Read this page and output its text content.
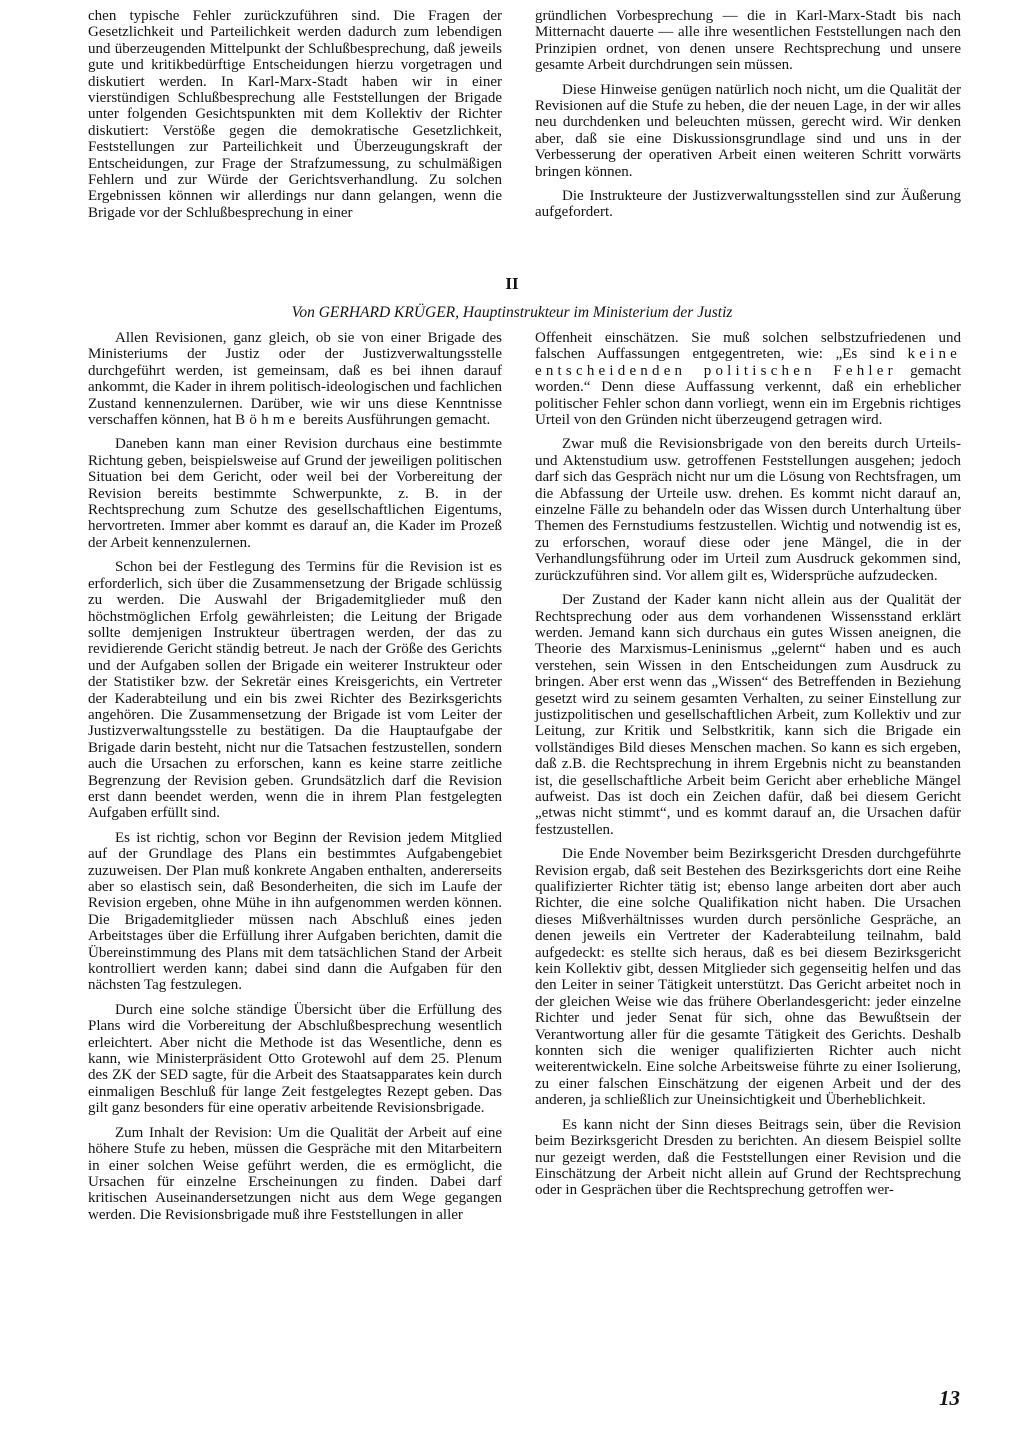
chen typische Fehler zurückzuführen sind. Die Fragen der Gesetzlichkeit und Parteilichkeit werden dadurch zum lebendigen und überzeugenden Mittelpunkt der Schlußbesprechung, daß jeweils gute und kritikbedürftige Entscheidungen hierzu vorgetragen und diskutiert werden. In Karl-Marx-Stadt haben wir in einer vierstündigen Schlußbesprechung alle Feststellungen der Brigade unter folgenden Gesichtspunkten mit dem Kollektiv der Richter diskutiert: Verstöße gegen die demokratische Gesetzlichkeit, Feststellungen zur Parteilichkeit und Überzeugungskraft der Entscheidungen, zur Frage der Strafzumessung, zu schulmäßigen Fehlern und zur Würde der Gerichtsverhandlung. Zu solchen Ergebnissen können wir allerdings nur dann gelangen, wenn die Brigade vor der Schlußbesprechung in einer

gründlichen Vorbesprechung — die in Karl-Marx-Stadt bis nach Mitternacht dauerte — alle ihre wesentlichen Feststellungen nach den Prinzipien ordnet, von denen unsere Rechtsprechung und unsere gesamte Arbeit durchdrungen sein müssen.

Diese Hinweise genügen natürlich noch nicht, um die Qualität der Revisionen auf die Stufe zu heben, die der neuen Lage, in der wir alles neu durchdenken und beleuchten müssen, gerecht wird. Wir denken aber, daß sie eine Diskussionsgrundlage sind und uns in der Verbesserung der operativen Arbeit einen weiteren Schritt vorwärts bringen können.

Die Instrukteure der Justizverwaltungsstellen sind zur Äußerung aufgefordert.

II
Von GERHARD KRÜGER, Hauptinstrukteur im Ministerium der Justiz

Allen Revisionen, ganz gleich, ob sie von einer Brigade des Ministeriums der Justiz oder der Justizverwaltungsstelle durchgeführt werden, ist gemeinsam, daß es bei ihnen darauf ankommt, die Kader in ihrem politisch-ideologischen und fachlichen Zustand kennenzulernen. Darüber, wie wir uns diese Kenntnisse verschaffen können, hat Böhme bereits Ausführungen gemacht.

Daneben kann man einer Revision durchaus eine bestimmte Richtung geben, beispielsweise auf Grund der jeweiligen politischen Situation bei dem Gericht, oder weil bei der Vorbereitung der Revision bereits bestimmte Schwerpunkte, z. B. in der Rechtsprechung zum Schutze des gesellschaftlichen Eigentums, hervortreten. Immer aber kommt es darauf an, die Kader im Prozeß der Arbeit kennenzulernen.

Schon bei der Festlegung des Termins für die Revision ist es erforderlich, sich über die Zusammensetzung der Brigade schlüssig zu werden. Die Auswahl der Brigademitglieder muß den höchstmöglichen Erfolg gewährleisten; die Leitung der Brigade sollte demjenigen Instrukteur übertragen werden, der das zu revidierende Gericht ständig betreut. Je nach der Größe des Gerichts und der Aufgaben sollen der Brigade ein weiterer Instrukteur oder der Statistiker bzw. der Sekretär eines Kreisgerichts, ein Vertreter der Kaderabteilung und ein bis zwei Richter des Bezirksgerichts angehören. Die Zusammensetzung der Brigade ist vom Leiter der Justizverwaltungsstelle zu bestätigen. Da die Hauptaufgabe der Brigade darin besteht, nicht nur die Tatsachen festzustellen, sondern auch die Ursachen zu erforschen, kann es keine starre zeitliche Begrenzung der Revision geben. Grundsätzlich darf die Revision erst dann beendet werden, wenn die in ihrem Plan festgelegten Aufgaben erfüllt sind.

Es ist richtig, schon vor Beginn der Revision jedem Mitglied auf der Grundlage des Plans ein bestimmtes Aufgabengebiet zuzuweisen. Der Plan muß konkrete Angaben enthalten, andererseits aber so elastisch sein, daß Besonderheiten, die sich im Laufe der Revision ergeben, ohne Mühe in ihn aufgenommen werden können. Die Brigademitglieder müssen nach Abschluß eines jeden Arbeitstages über die Erfüllung ihrer Aufgaben berichten, damit die Übereinstimmung des Plans mit dem tatsächlichen Stand der Arbeit kontrolliert werden kann; dabei sind dann die Aufgaben für den nächsten Tag festzulegen.

Durch eine solche ständige Übersicht über die Erfüllung des Plans wird die Vorbereitung der Abschlußbesprechung wesentlich erleichtert. Aber nicht die Methode ist das Wesentliche, denn es kann, wie Ministerpräsident Otto Grotewohl auf dem 25. Plenum des ZK der SED sagte, für die Arbeit des Staatsapparates kein durch einmaligen Beschluß für lange Zeit festgelegtes Rezept geben. Das gilt ganz besonders für eine operativ arbeitende Revisionsbrigade.

Zum Inhalt der Revision: Um die Qualität der Arbeit auf eine höhere Stufe zu heben, müssen die Gespräche mit den Mitarbeitern in einer solchen Weise geführt werden, die es ermöglicht, die Ursachen für einzelne Erscheinungen zu finden. Dabei darf kritischen Auseinandersetzungen nicht aus dem Wege gegangen werden. Die Revisionsbrigade muß ihre Feststellungen in aller

Offenheit einschätzen. Sie muß solchen selbstzufriedenen und falschen Auffassungen entgegentreten, wie: „Es sind keine entscheidenden politischen Fehler gemacht worden.“ Denn diese Auffassung verkennt, daß ein erheblicher politischer Fehler schon dann vorliegt, wenn ein im Ergebnis richtiges Urteil von den Gründen nicht überzeugend getragen wird.

Zwar muß die Revisionsbrigade von den bereits durch Urteils- und Aktenstudium usw. getroffenen Feststellungen ausgehen; jedoch darf sich das Gespräch nicht nur um die Lösung von Rechtsfragen, um die Abfassung der Urteile usw. drehen. Es kommt nicht darauf an, einzelne Fälle zu behandeln oder das Wissen durch Unterhaltung über Themen des Fernstudiums festzustellen. Wichtig und notwendig ist es, zu erforschen, worauf diese oder jene Mängel, die in der Verhandlungsführung oder im Urteil zum Ausdruck gekommen sind, zurückzuführen sind. Vor allem gilt es, Widersprüche aufzudecken.

Der Zustand der Kader kann nicht allein aus der Qualität der Rechtsprechung oder aus dem vorhandenen Wissensstand erklärt werden. Jemand kann sich durchaus ein gutes Wissen aneignen, die Theorie des Marxismus-Leninismus „gelernt“ haben und es auch verstehen, sein Wissen in den Entscheidungen zum Ausdruck zu bringen. Aber erst wenn das „Wissen“ des Betreffenden in Beziehung gesetzt wird zu seinem gesamten Verhalten, zu seiner Einstellung zur justizpolitischen und gesellschaftlichen Arbeit, zum Kollektiv und zur Leitung, zur Kritik und Selbstkritik, kann sich die Brigade ein vollständiges Bild dieses Menschen machen. So kann es sich ergeben, daß z.B. die Rechtsprechung in ihrem Ergebnis nicht zu beanstanden ist, die gesellschaftliche Arbeit beim Gericht aber erhebliche Mängel aufweist. Das ist doch ein Zeichen dafür, daß bei diesem Gericht „etwas nicht stimmt“, und es kommt darauf an, die Ursachen dafür festzustellen.

Die Ende November beim Bezirksgericht Dresden durchgeführte Revision ergab, daß seit Bestehen des Bezirksgerichts dort eine Reihe qualifizierter Richter tätig ist; ebenso lange arbeiten dort aber auch Richter, die eine solche Qualifikation nicht haben. Die Ursachen dieses Mißverhältnisses wurden durch persönliche Gespräche, an denen jeweils ein Vertreter der Kaderabteilung teilnahm, bald aufgedeckt: es stellte sich heraus, daß es bei diesem Bezirksgericht kein Kollektiv gibt, dessen Mitglieder sich gegenseitig helfen und das den Leiter in seiner Tätigkeit unterstützt. Das Gericht arbeitet noch in der gleichen Weise wie das frühere Oberlandesgericht: jeder einzelne Richter und jeder Senat für sich, ohne das Bewußtsein der Verantwortung aller für die gesamte Tätigkeit des Gerichts. Deshalb konnten sich die weniger qualifizierten Richter auch nicht weiterentwickeln. Eine solche Arbeitsweise führte zu einer Isolierung, zu einer falschen Einschätzung der eigenen Arbeit und der des anderen, ja schließlich zur Uneinsichtigkeit und Überheblichkeit.

Es kann nicht der Sinn dieses Beitrags sein, über die Revision beim Bezirksgericht Dresden zu berichten. An diesem Beispiel sollte nur gezeigt werden, daß die Feststellungen einer Revision und die Einschätzung der Arbeit nicht allein auf Grund der Rechtsprechung oder in Gesprächen über die Rechtsprechung getroffen wer-

13
